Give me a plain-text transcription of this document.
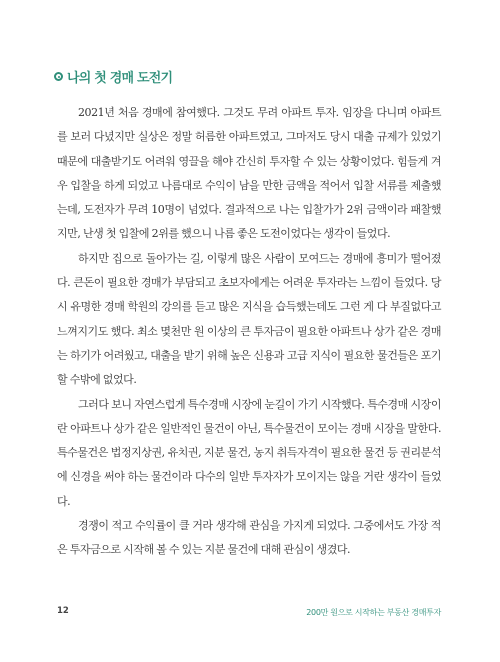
나의 첫 경매 도전기

2021년 처음 경매에 참여했다. 그것도 무려 아파트 투자. 임장을 다니며 아파트를 보러 다녔지만 실상은 정말 허름한 아파트였고, 그마저도 당시 대출 규제가 있었기 때문에 대출받기도 어려워 영끌을 해야 간신히 투자할 수 있는 상황이었다. 힘들게 겨우 입찰을 하게 되었고 나름대로 수익이 남을 만한 금액을 적어서 입찰 서류를 제출했는데, 도전자가 무려 10명이 넘었다. 결과적으로 나는 입찰가가 2위 금액이라 패찰했지만, 난생 첫 입찰에 2위를 했으니 나름 좋은 도전이었다는 생각이 들었다.

하지만 집으로 돌아가는 길, 이렇게 많은 사람이 모여드는 경매에 흥미가 떨어졌다. 큰돈이 필요한 경매가 부담되고 초보자에게는 어려운 투자라는 느낌이 들었다. 당시 유명한 경매 학원의 강의를 듣고 많은 지식을 습득했는데도 그런 게 다 부질없다고 느껴지기도 했다. 최소 몇천만 원 이상의 큰 투자금이 필요한 아파트나 상가 같은 경매는 하기가 어려웠고, 대출을 받기 위해 높은 신용과 고급 지식이 필요한 물건들은 포기할 수밖에 없었다.

그러다 보니 자연스럽게 특수경매 시장에 눈길이 가기 시작했다. 특수경매 시장이란 아파트나 상가 같은 일반적인 물건이 아닌, 특수물건이 모이는 경매 시장을 말한다. 특수물건은 법정지상권, 유치권, 지분 물건, 농지 취득자격이 필요한 물건 등 권리분석에 신경을 써야 하는 물건이라 다수의 일반 투자자가 모이지는 않을 거란 생각이 들었다.

경쟁이 적고 수익률이 클 거라 생각해 관심을 가지게 되었다. 그중에서도 가장 적은 투자금으로 시작해 볼 수 있는 지분 물건에 대해 관심이 생겼다.

12	200만 원으로 시작하는 부동산 경매투자
